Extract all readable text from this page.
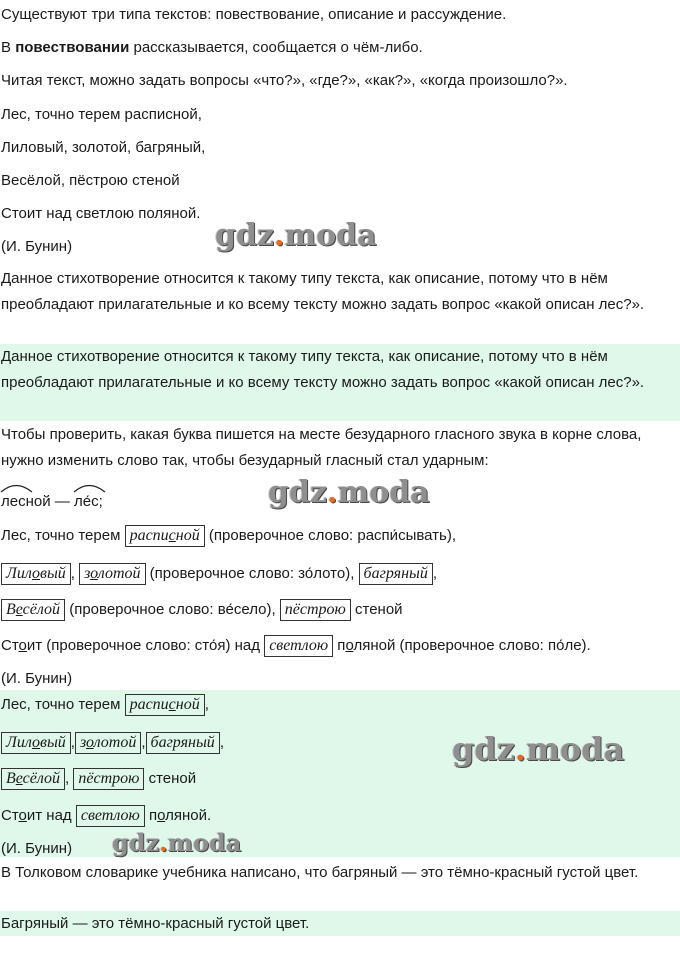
Существуют три типа текстов: повествование, описание и рассуждение.
В повествовании рассказывается, сообщается о чём-либо.
Читая текст, можно задать вопросы «что?», «где?», «как?», «когда произошло?».
Лес, точно терем расписной,
Лиловый, золотой, багряный,
Весёлой, пёстрою стеной
Стоит над светлою поляной.
(И. Бунин)
Данное стихотворение относится к такому типу текста, как описание, потому что в нём преобладают прилагательные и ко всему тексту можно задать вопрос «какой описан лес?».
Данное стихотворение относится к такому типу текста, как описание, потому что в нём преобладают прилагательные и ко всему тексту можно задать вопрос «какой описан лес?».
Чтобы проверить, какая буква пишется на месте безударного гласного звука в корне слова, нужно изменить слово так, чтобы безударный гласный стал ударным:
лесной —
ле́с;
Лес, точно терем расписной (проверочное слово: распи́сывать),
Лиловый , золотой (проверочное слово: зо́лото), багряный ,
Весёлой (проверочное слово: ве́село), пёстрою стеной
Стоит (проверочное слово: сто́я) над светлою поляной (проверочное слово: по́ле).
(И. Бунин)
Лес, точно терем расписной ,
Лиловый , золотой , багряный ,
Весёлой , пёстрою стеной
Стоит над светлою поляной.
(И. Бунин)
В Толковом словарике учебника написано, что багряный — это тёмно-красный густой цвет.
Багряный — это тёмно-красный густой цвет.
gdz.moda
gdz.moda
gdz.moda
gdz.moda
